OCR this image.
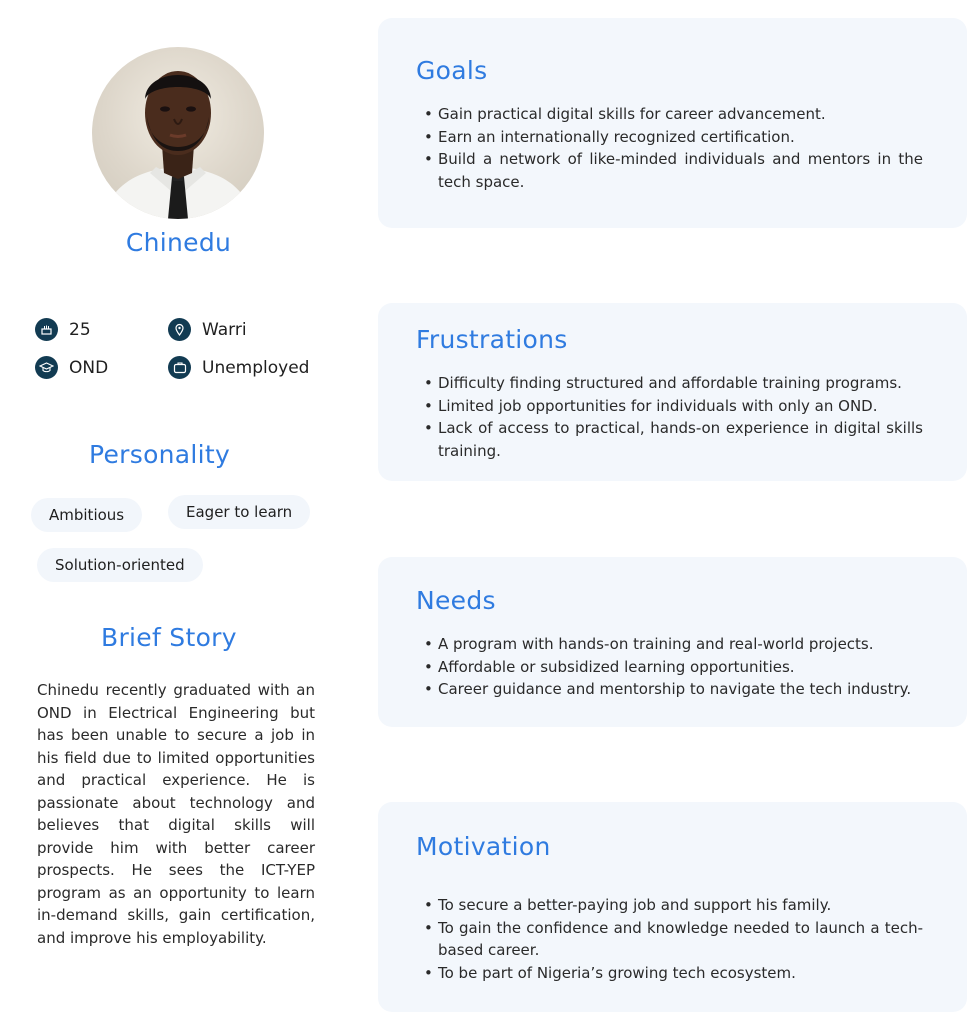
Chinedu
25	Warri
OND	Unemployed
Personality
Ambitious	Eager to learn
Solution-oriented
Brief Story

Chinedu recently graduated with an OND in Electrical Engineering but has been unable to secure a job in his field due to limited opportunities and practical experience. He is passionate about technology and believes that digital skills will provide him with better career prospects. He sees the ICT-YEP program as an opportunity to learn in-demand skills, gain certification, and improve his employability.

Goals
• Gain practical digital skills for career advancement.
• Earn an internationally recognized certification.
• Build a network of like-minded individuals and mentors in the tech space.
Frustrations
• Difficulty finding structured and affordable training programs.
• Limited job opportunities for individuals with only an OND.
• Lack of access to practical, hands-on experience in digital skills training.
Needs
• A program with hands-on training and real-world projects.
• Affordable or subsidized learning opportunities.
• Career guidance and mentorship to navigate the tech industry.
Motivation
• To secure a better-paying job and support his family.
• To gain the confidence and knowledge needed to launch a tech-based career.
• To be part of Nigeria’s growing tech ecosystem.
